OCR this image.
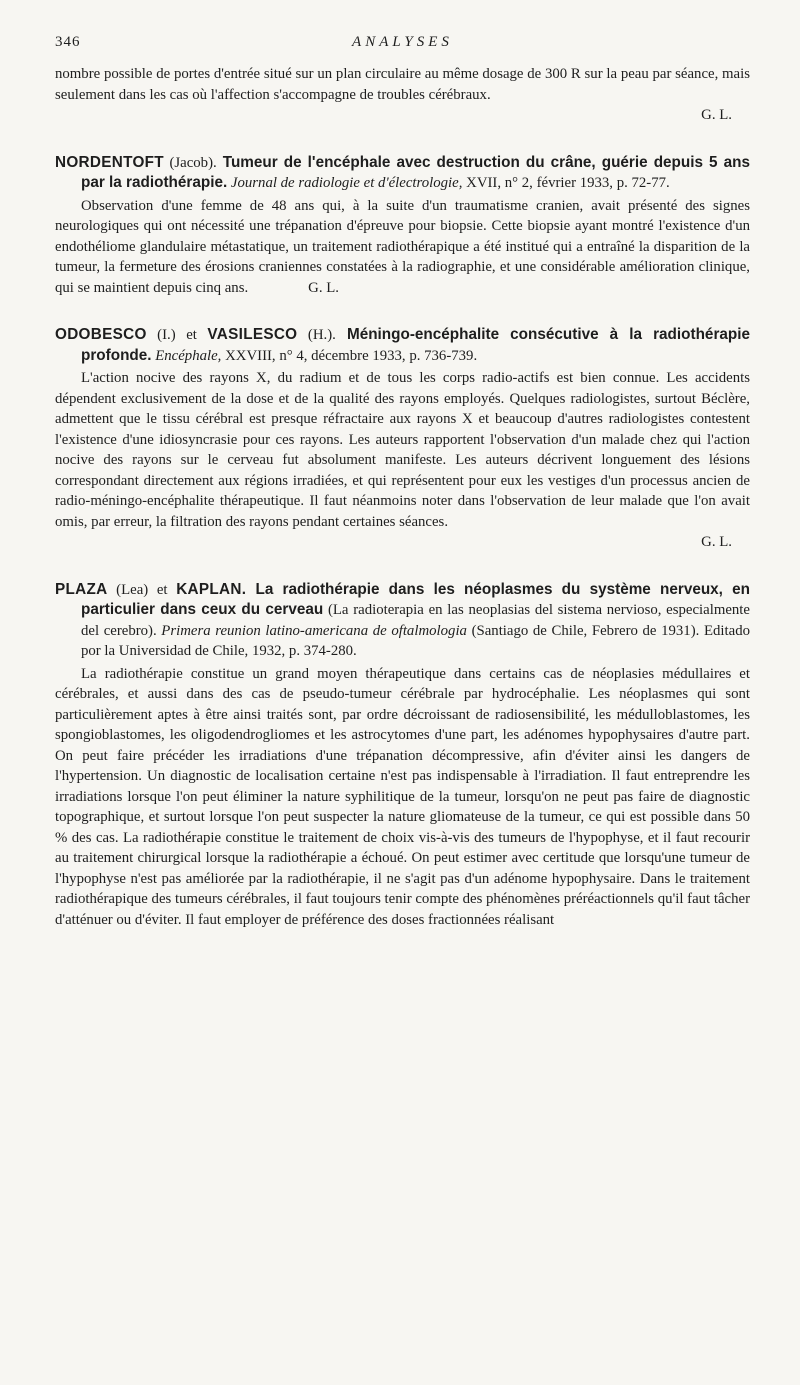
346	ANALYSES

nombre possible de portes d'entrée situé sur un plan circulaire au même dosage de 300 R sur la peau par séance, mais seulement dans les cas où l'affection s'accompagne de troubles cérébraux.

G. L.
NORDENTOFT (Jacob). Tumeur de l'encéphale avec destruction du crâne, guérie depuis 5 ans par la radiothérapie. Journal de radiologie et d'électrologie, XVII, n° 2, février 1933, p. 72-77.

Observation d'une femme de 48 ans qui, à la suite d'un traumatisme cranien, avait présenté des signes neurologiques qui ont nécessité une trépanation d'épreuve pour biopsie. Cette biopsie ayant montré l'existence d'un endothéliome glandulaire métastatique, un traitement radiothérapique a été institué qui a entraîné la disparition de la tumeur, la fermeture des érosions craniennes constatées à la radiographie, et une considérable amélioration clinique, qui se maintient depuis cinq ans.	G. L.

ODOBESCO (I.) et VASILESCO (H.). Méningo-encéphalite consécutive à la radiothérapie profonde. Encéphale, XXVIII, n° 4, décembre 1933, p. 736-739.

L'action nocive des rayons X, du radium et de tous les corps radio-actifs est bien connue. Les accidents dépendent exclusivement de la dose et de la qualité des rayons employés. Quelques radiologistes, surtout Béclère, admettent que le tissu cérébral est presque réfractaire aux rayons X et beaucoup d'autres radiologistes contestent l'existence d'une idiosyncrasie pour ces rayons. Les auteurs rapportent l'observation d'un malade chez qui l'action nocive des rayons sur le cerveau fut absolument manifeste. Les auteurs décrivent longuement des lésions correspondant directement aux régions irradiées, et qui représentent pour eux les vestiges d'un processus ancien de radio-méningo-encéphalite thérapeutique. Il faut néanmoins noter dans l'observation de leur malade que l'on avait omis, par erreur, la filtration des rayons pendant certaines séances.

G. L.
PLAZA (Lea) et KAPLAN. La radiothérapie dans les néoplasmes du système nerveux, en particulier dans ceux du cerveau (La radioterapia en las neoplasias del sistema nervioso, especialmente del cerebro). Primera reunion latino-americana de oftalmologia (Santiago de Chile, Febrero de 1931). Editado por la Universidad de Chile, 1932, p. 374-280.

La radiothérapie constitue un grand moyen thérapeutique dans certains cas de néoplasies médullaires et cérébrales, et aussi dans des cas de pseudo-tumeur cérébrale par hydrocéphalie. Les néoplasmes qui sont particulièrement aptes à être ainsi traités sont, par ordre décroissant de radiosensibilité, les médulloblastomes, les spongioblastomes, les oligodendrogliomes et les astrocytomes d'une part, les adénomes hypophysaires d'autre part. On peut faire précéder les irradiations d'une trépanation décompressive, afin d'éviter ainsi les dangers de l'hypertension. Un diagnostic de localisation certaine n'est pas indispensable à l'irradiation. Il faut entreprendre les irradiations lorsque l'on peut éliminer la nature syphilitique de la tumeur, lorsqu'on ne peut pas faire de diagnostic topographique, et surtout lorsque l'on peut suspecter la nature gliomateuse de la tumeur, ce qui est possible dans 50 % des cas. La radiothérapie constitue le traitement de choix vis-à-vis des tumeurs de l'hypophyse, et il faut recourir au traitement chirurgical lorsque la radiothérapie a échoué. On peut estimer avec certitude que lorsqu'une tumeur de l'hypophyse n'est pas améliorée par la radiothérapie, il ne s'agit pas d'un adénome hypophysaire. Dans le traitement radiothérapique des tumeurs cérébrales, il faut toujours tenir compte des phénomènes préréactionnels qu'il faut tâcher d'atténuer ou d'éviter. Il faut employer de préférence des doses fractionnées réalisant
